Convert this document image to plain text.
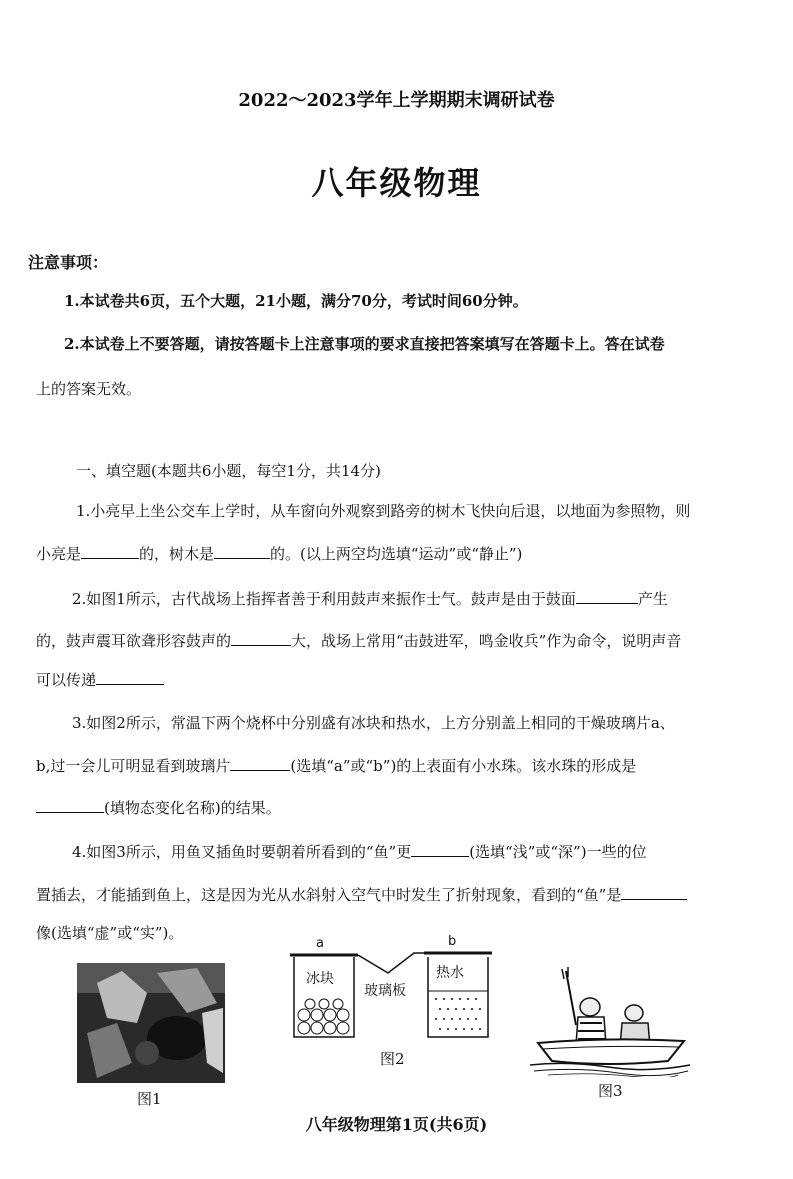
2022～2023学年上学期期末调研试卷
八年级物理
注意事项：
1.本试卷共6页，五个大题，21小题，满分70分，考试时间60分钟。
2.本试卷上不要答题，请按答题卡上注意事项的要求直接把答案填写在答题卡上。答在试卷
上的答案无效。
一、填空题(本题共6小题，每空1分，共14分)
1.小亮早上坐公交车上学时，从车窗向外观察到路旁的树木飞快向后退，以地面为参照物，则
小亮是	的，树木是	的。(以上两空均选填“运动”或“静止”)
2.如图1所示，古代战场上指挥者善于利用鼓声来振作士气。鼓声是由于鼓面	产生
的，鼓声震耳欲聋形容鼓声的	大，战场上常用“击鼓进军，鸣金收兵”作为命令，说明声音
可以传递
3.如图2所示，常温下两个烧杯中分别盛有冰块和热水，上方分别盖上相同的干燥玻璃片a、
b,过一会儿可明显看到玻璃片	(选填“a”或“b”)的上表面有小水珠。该水珠的形成是
(填物态变化名称)的结果。
4.如图3所示，用鱼叉插鱼时要朝着所看到的“鱼”更	(选填“浅”或“深”)一些的位
置插去，才能插到鱼上，这是因为光从水斜射入空气中时发生了折射现象，看到的“鱼”是
像(选填“虚”或“实”)。
图1
a	b
冰块
玻璃板
热水
图2
图3
八年级物理第1页(共6页)
